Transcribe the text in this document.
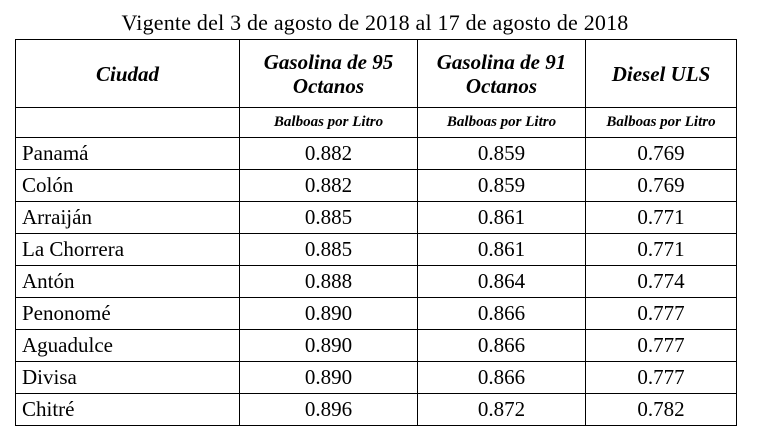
Vigente del 3 de agosto de 2018 al 17 de agosto de 2018
Ciudad	Gasolina de 95 Octanos	Gasolina de 91 Octanos	Diesel ULS
	Balboas por Litro	Balboas por Litro	Balboas por Litro
Panamá	0.882	0.859	0.769
Colón	0.882	0.859	0.769
Arraiján	0.885	0.861	0.771
La Chorrera	0.885	0.861	0.771
Antón	0.888	0.864	0.774
Penonomé	0.890	0.866	0.777
Aguadulce	0.890	0.866	0.777
Divisa	0.890	0.866	0.777
Chitré	0.896	0.872	0.782
